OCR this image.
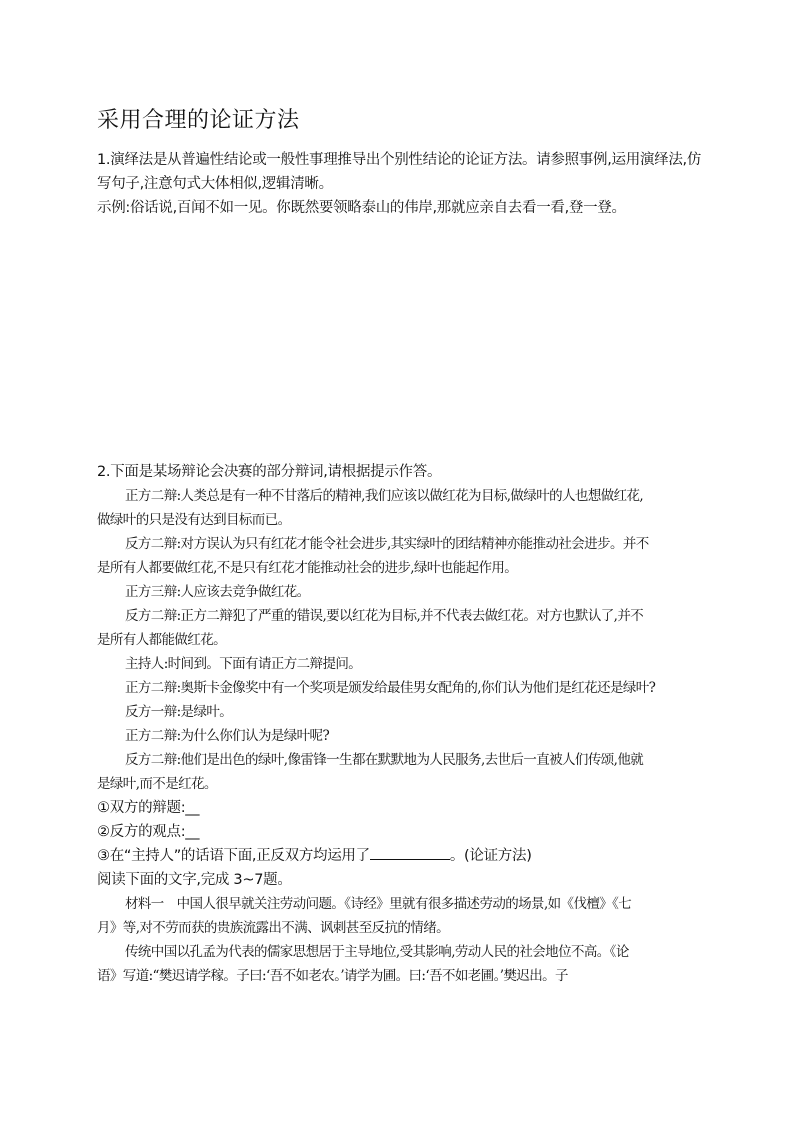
采用合理的论证方法
1.演绎法是从普遍性结论或一般性事理推导出个别性结论的论证方法。请参照事例,运用演绎法,仿
写句子,注意句式大体相似,逻辑清晰。
示例:俗话说,百闻不如一见。你既然要领略泰山的伟岸,那就应亲自去看一看,登一登。
2.下面是某场辩论会决赛的部分辩词,请根据提示作答。
正方二辩:人类总是有一种不甘落后的精神,我们应该以做红花为目标,做绿叶的人也想做红花,
做绿叶的只是没有达到目标而已。
反方二辩:对方误认为只有红花才能令社会进步,其实绿叶的团结精神亦能推动社会进步。并不
是所有人都要做红花,不是只有红花才能推动社会的进步,绿叶也能起作用。
正方三辩:人应该去竞争做红花。
反方二辩:正方二辩犯了严重的错误,要以红花为目标,并不代表去做红花。对方也默认了,并不
是所有人都能做红花。
主持人:时间到。下面有请正方二辩提问。
正方二辩:奥斯卡金像奖中有一个奖项是颁发给最佳男女配角的,你们认为他们是红花还是绿叶?
反方一辩:是绿叶。
正方二辩:为什么你们认为是绿叶呢?
反方二辩:他们是出色的绿叶,像雷锋一生都在默默地为人民服务,去世后一直被人们传颂,他就
是绿叶,而不是红花。
①双方的辩题:__
②反方的观点:__
③在“主持人”的话语下面,正反双方均运用了	。(论证方法)
阅读下面的文字,完成 3~7题。
材料一　中国人很早就关注劳动问题。《诗经》里就有很多描述劳动的场景,如《伐檀》《七
月》等,对不劳而获的贵族流露出不满、讽刺甚至反抗的情绪。
传统中国以孔孟为代表的儒家思想居于主导地位,受其影响,劳动人民的社会地位不高。《论
语》写道:“樊迟请学稼。子曰:‘吾不如老农。’请学为圃。曰:‘吾不如老圃。’樊迟出。子
